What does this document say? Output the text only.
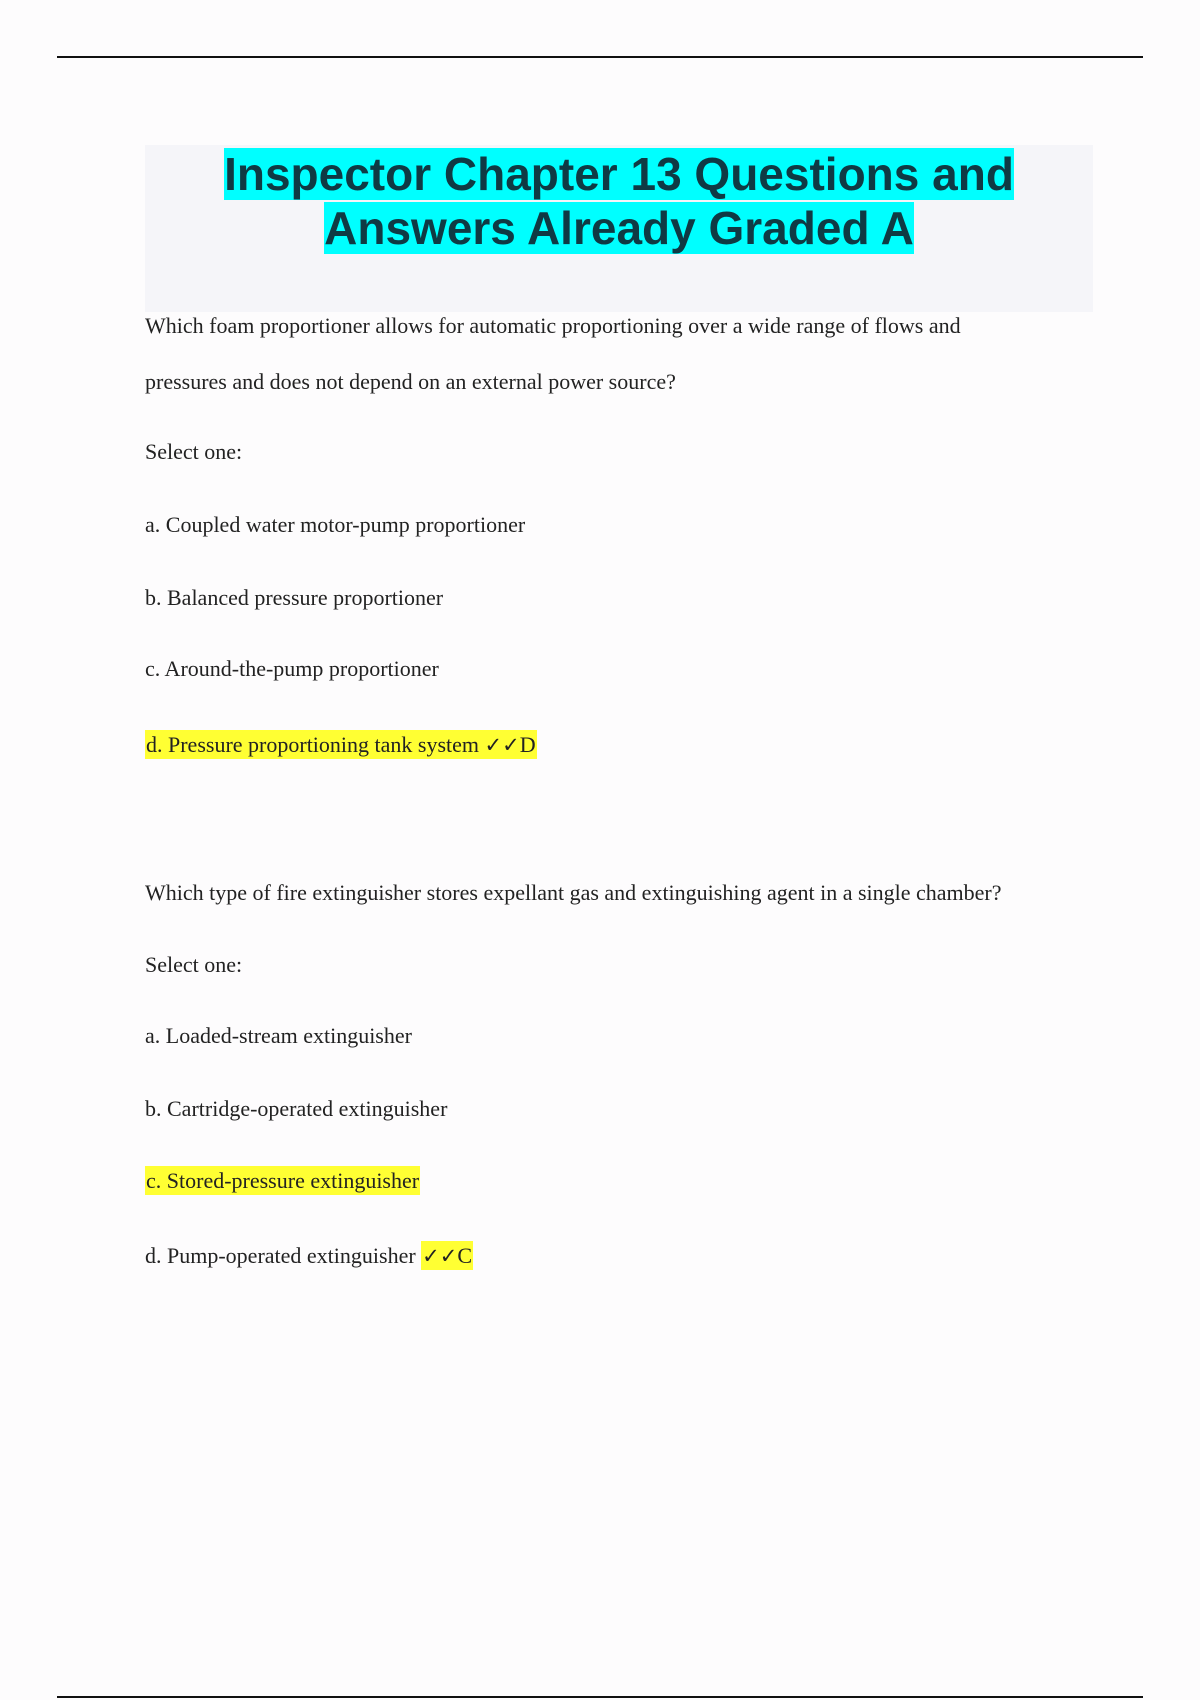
Inspector Chapter 13 Questions and
Answers Already Graded A
Which foam proportioner allows for automatic proportioning over a wide range of flows and
pressures and does not depend on an external power source?
Select one:
a. Coupled water motor-pump proportioner
b. Balanced pressure proportioner
c. Around-the-pump proportioner
d. Pressure proportioning tank system ✓✓D
Which type of fire extinguisher stores expellant gas and extinguishing agent in a single chamber?
Select one:
a. Loaded-stream extinguisher
b. Cartridge-operated extinguisher
c. Stored-pressure extinguisher
d. Pump-operated extinguisher ✓✓C
